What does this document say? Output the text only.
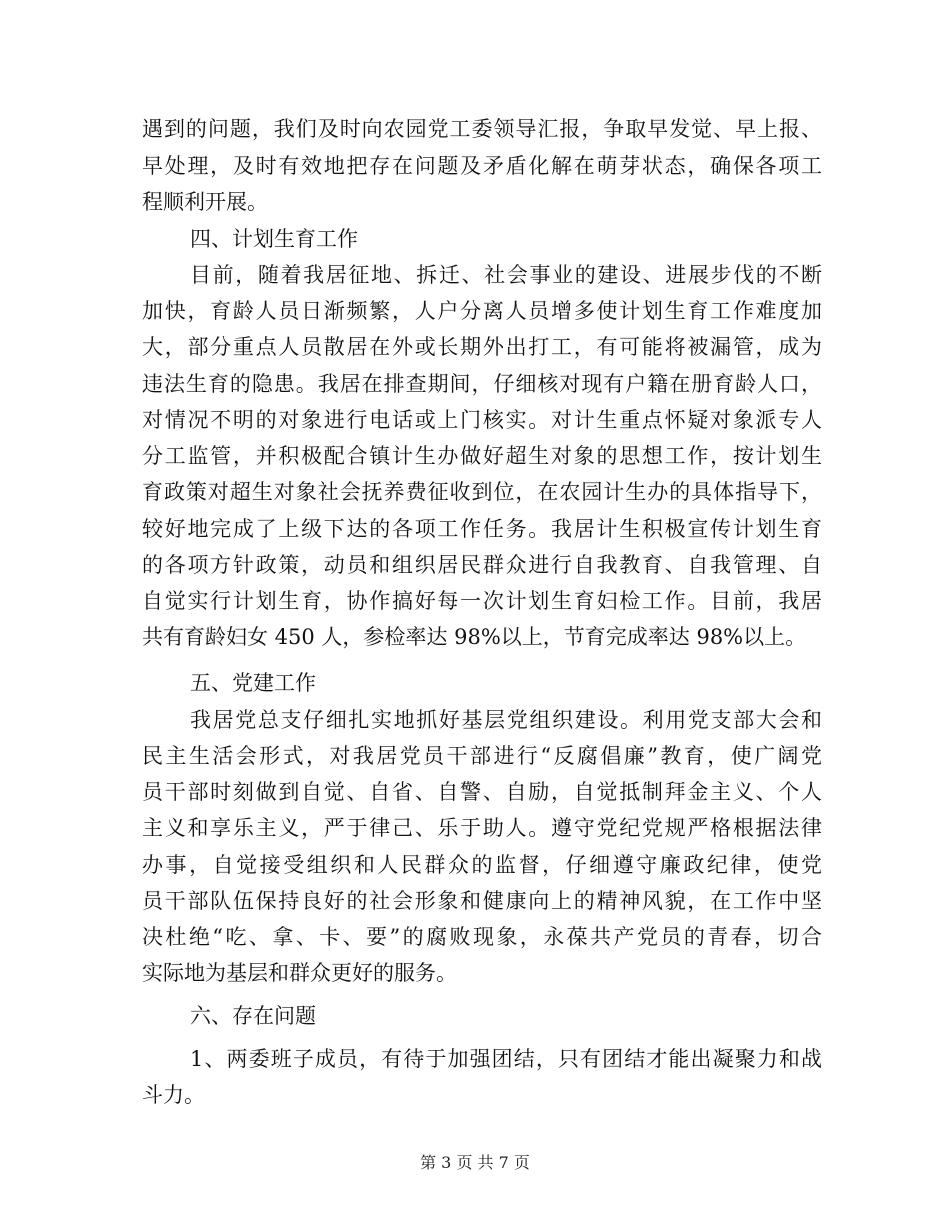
遇到的问题，我们及时向农园党工委领导汇报，争取早发觉、早上报、
早处理，及时有效地把存在问题及矛盾化解在萌芽状态，确保各项工
程顺利开展。
四、计划生育工作
目前，随着我居征地、拆迁、社会事业的建设、进展步伐的不断
加快，育龄人员日渐频繁，人户分离人员增多使计划生育工作难度加
大，部分重点人员散居在外或长期外出打工，有可能将被漏管，成为
违法生育的隐患。我居在排查期间，仔细核对现有户籍在册育龄人口，
对情况不明的对象进行电话或上门核实。对计生重点怀疑对象派专人
分工监管，并积极配合镇计生办做好超生对象的思想工作，按计划生
育政策对超生对象社会抚养费征收到位，在农园计生办的具体指导下，
较好地完成了上级下达的各项工作任务。我居计生积极宣传计划生育
的各项方针政策，动员和组织居民群众进行自我教育、自我管理、自
自觉实行计划生育，协作搞好每一次计划生育妇检工作。目前，我居
共有育龄妇女 450 人，参检率达 98%以上，节育完成率达 98%以上。
五、党建工作
我居党总支仔细扎实地抓好基层党组织建设。利用党支部大会和
民主生活会形式，对我居党员干部进行“反腐倡廉”教育，使广阔党
员干部时刻做到自觉、自省、自警、自励，自觉抵制拜金主义、个人
主义和享乐主义，严于律己、乐于助人。遵守党纪党规严格根据法律
办事，自觉接受组织和人民群众的监督，仔细遵守廉政纪律，使党
员干部队伍保持良好的社会形象和健康向上的精神风貌，在工作中坚
决杜绝“吃、拿、卡、要”的腐败现象，永葆共产党员的青春，切合
实际地为基层和群众更好的服务。
六、存在问题
1、两委班子成员，有待于加强团结，只有团结才能出凝聚力和战
斗力。
第 3 页 共 7 页
